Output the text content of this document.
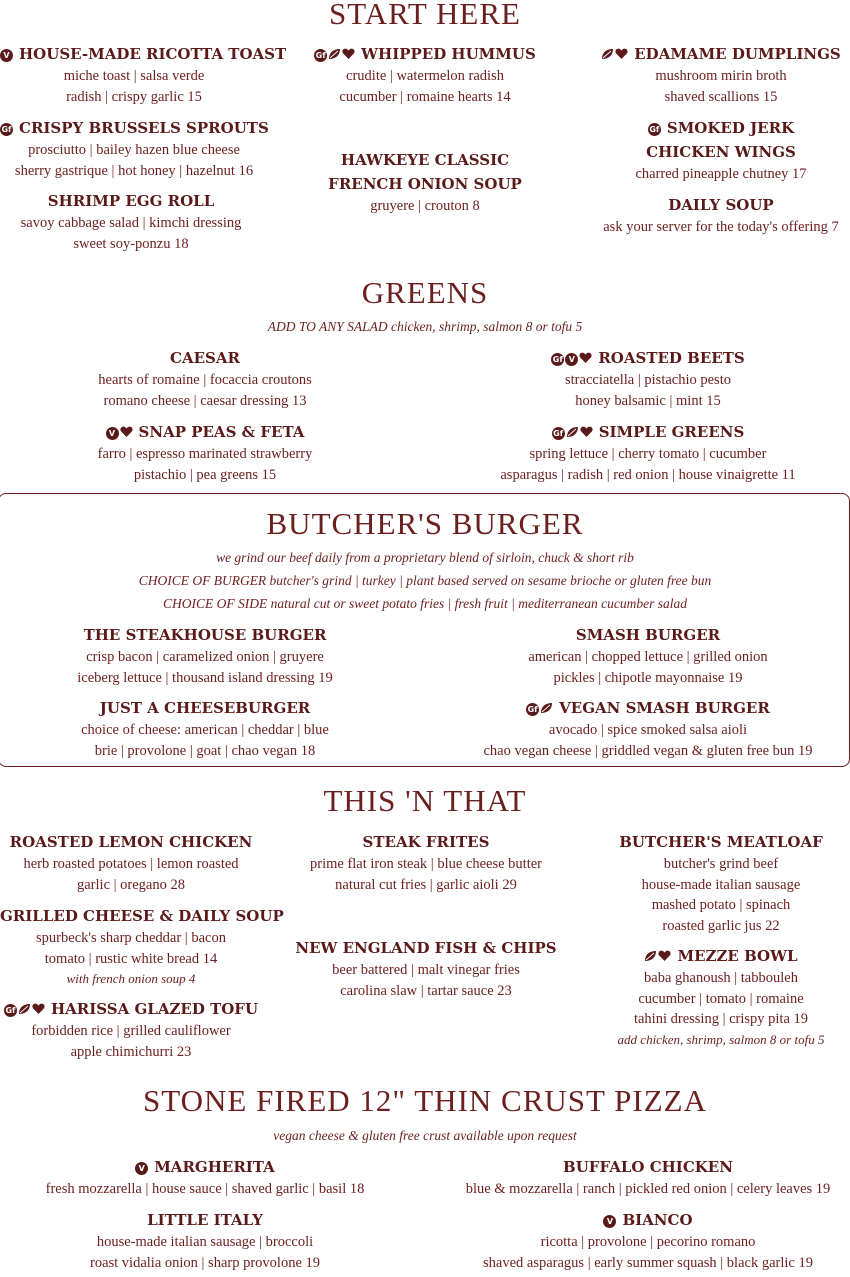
START HERE
V HOUSE-MADE RICOTTA TOAST
miche toast | salsa verde
radish | crispy garlic 15
Gf WHIPPED HUMMUS
crudite | watermelon radish
cucumber | romaine hearts 14
EDAMAME DUMPLINGS
mushroom mirin broth
shaved scallions 15
Gf CRISPY BRUSSELS SPROUTS
prosciutto | bailey hazen blue cheese
sherry gastrique | hot honey | hazelnut 16
HAWKEYE CLASSIC
FRENCH ONION SOUP
gruyere | crouton 8
Gf SMOKED JERK
CHICKEN WINGS
charred pineapple chutney 17
SHRIMP EGG ROLL
savoy cabbage salad | kimchi dressing
sweet soy-ponzu 18
DAILY SOUP
ask your server for the today's offering 7
GREENS
ADD TO ANY SALAD chicken, shrimp, salmon 8 or tofu 5
CAESAR
hearts of romaine | focaccia croutons
romano cheese | caesar dressing 13
Gf V ROASTED BEETS
stracciatella | pistachio pesto
honey balsamic | mint 15
V SNAP PEAS & FETA
farro | espresso marinated strawberry
pistachio | pea greens 15
Gf SIMPLE GREENS
spring lettuce | cherry tomato | cucumber
asparagus | radish | red onion | house vinaigrette 11
BUTCHER'S BURGER
we grind our beef daily from a proprietary blend of sirloin, chuck & short rib
CHOICE OF BURGER butcher's grind | turkey | plant based served on sesame brioche or gluten free bun
CHOICE OF SIDE natural cut or sweet potato fries | fresh fruit | mediterranean cucumber salad
THE STEAKHOUSE BURGER
crisp bacon | caramelized onion | gruyere
iceberg lettuce | thousand island dressing 19
SMASH BURGER
american | chopped lettuce | grilled onion
pickles | chipotle mayonnaise 19
JUST A CHEESEBURGER
choice of cheese: american | cheddar | blue
brie | provolone | goat | chao vegan 18
Gf VEGAN SMASH BURGER
avocado | spice smoked salsa aioli
chao vegan cheese | griddled vegan & gluten free bun 19
THIS 'N THAT
ROASTED LEMON CHICKEN
herb roasted potatoes | lemon roasted
garlic | oregano 28
STEAK FRITES
prime flat iron steak | blue cheese butter
natural cut fries | garlic aioli 29
BUTCHER'S MEATLOAF
butcher's grind beef
house-made italian sausage
mashed potato | spinach
roasted garlic jus 22
GRILLED CHEESE & DAILY SOUP
spurbeck's sharp cheddar | bacon
tomato | rustic white bread 14
with french onion soup 4
NEW ENGLAND FISH & CHIPS
beer battered | malt vinegar fries
carolina slaw | tartar sauce 23
MEZZE BOWL
baba ghanoush | tabbouleh
cucumber | tomato | romaine
tahini dressing | crispy pita 19
add chicken, shrimp, salmon 8 or tofu 5
Gf HARISSA GLAZED TOFU
forbidden rice | grilled cauliflower
apple chimichurri 23
STONE FIRED 12" THIN CRUST PIZZA
vegan cheese & gluten free crust available upon request
V MARGHERITA
fresh mozzarella | house sauce | shaved garlic | basil 18
BUFFALO CHICKEN
blue & mozzarella | ranch | pickled red onion | celery leaves 19
LITTLE ITALY
house-made italian sausage | broccoli
roast vidalia onion | sharp provolone 19
V BIANCO
ricotta | provolone | pecorino romano
shaved asparagus | early summer squash | black garlic 19
